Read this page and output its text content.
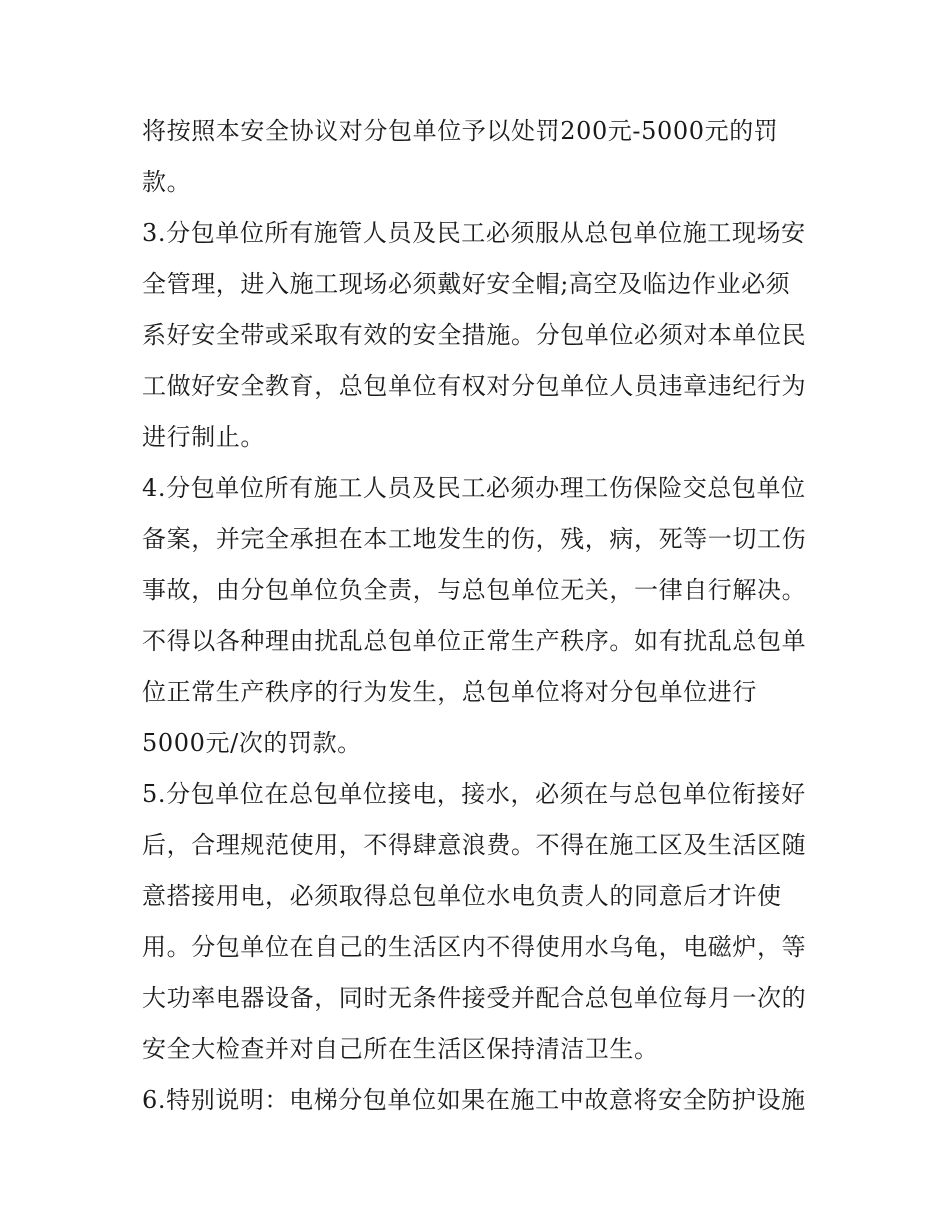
将按照本安全协议对分包单位予以处罚200元-5000元的罚
款。
3.分包单位所有施管人员及民工必须服从总包单位施工现场安
全管理，进入施工现场必须戴好安全帽;高空及临边作业必须
系好安全带或采取有效的安全措施。分包单位必须对本单位民
工做好安全教育，总包单位有权对分包单位人员违章违纪行为
进行制止。
4.分包单位所有施工人员及民工必须办理工伤保险交总包单位
备案，并完全承担在本工地发生的伤，残，病，死等一切工伤
事故，由分包单位负全责，与总包单位无关，一律自行解决。
不得以各种理由扰乱总包单位正常生产秩序。如有扰乱总包单
位正常生产秩序的行为发生，总包单位将对分包单位进行
5000元/次的罚款。
5.分包单位在总包单位接电，接水，必须在与总包单位衔接好
后，合理规范使用，不得肆意浪费。不得在施工区及生活区随
意搭接用电，必须取得总包单位水电负责人的同意后才许使
用。分包单位在自己的生活区内不得使用水乌龟，电磁炉，等
大功率电器设备，同时无条件接受并配合总包单位每月一次的
安全大检查并对自己所在生活区保持清洁卫生。
6.特别说明：电梯分包单位如果在施工中故意将安全防护设施
